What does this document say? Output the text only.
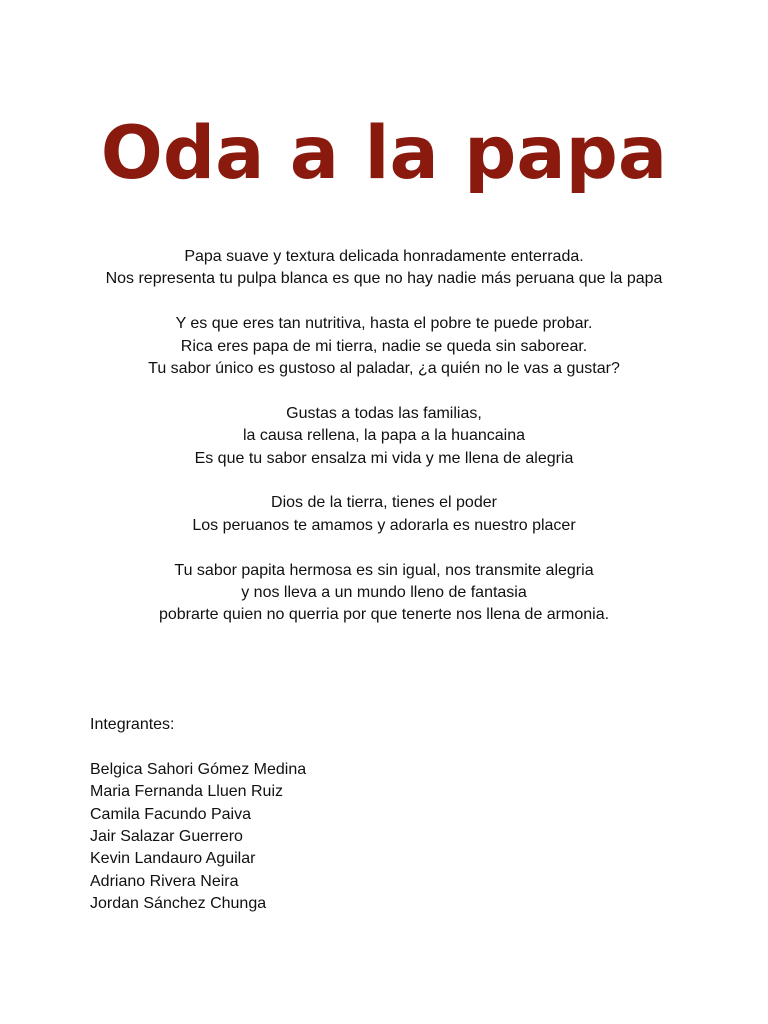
Oda a la papa
Papa suave y textura delicada honradamente enterrada.
Nos representa tu pulpa blanca es que no hay nadie más peruana que la papa
Y es que eres tan nutritiva, hasta el pobre te puede probar.
Rica eres papa de mi tierra, nadie se queda sin saborear.
Tu sabor único es gustoso al paladar, ¿a quién no le vas a gustar?
Gustas a todas las familias,
la causa rellena, la papa a la huancaina
Es que tu sabor ensalza mi vida y me llena de alegria
Dios de la tierra, tienes el poder
Los peruanos te amamos y adorarla es nuestro placer
Tu sabor papita hermosa es sin igual, nos transmite alegria
y nos lleva a un mundo lleno de fantasia
pobrarte quien no querria por que tenerte nos llena de armonia.
Integrantes:
Belgica Sahori Gómez Medina
Maria Fernanda Lluen Ruiz
Camila Facundo Paiva
Jair Salazar Guerrero
Kevin Landauro Aguilar
Adriano Rivera Neira
Jordan Sánchez Chunga
